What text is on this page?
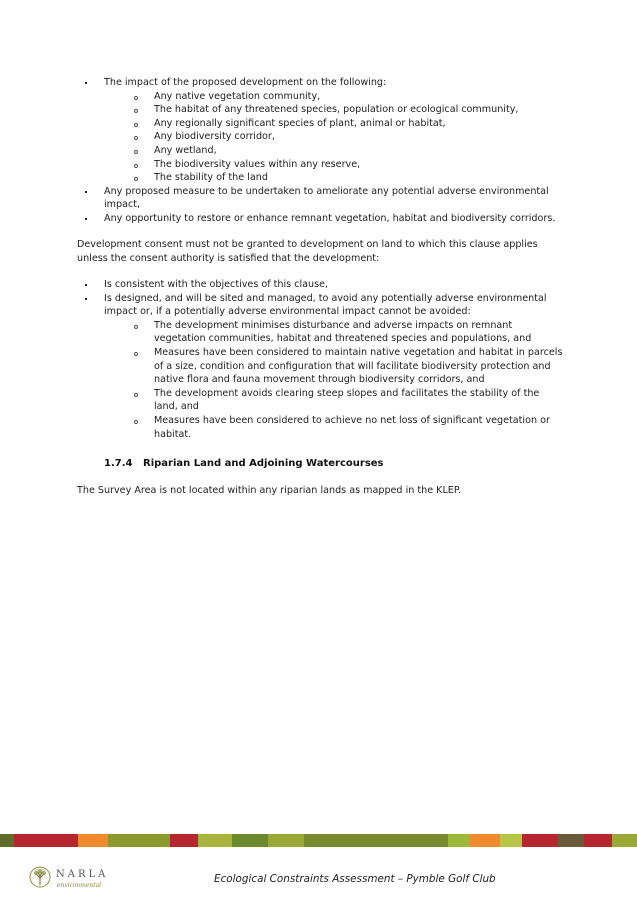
The impact of the proposed development on the following:
Any native vegetation community,
The habitat of any threatened species, population or ecological community,
Any regionally significant species of plant, animal or habitat,
Any biodiversity corridor,
Any wetland,
The biodiversity values within any reserve,
The stability of the land
Any proposed measure to be undertaken to ameliorate any potential adverse environmental impact,
Any opportunity to restore or enhance remnant vegetation, habitat and biodiversity corridors.

Development consent must not be granted to development on land to which this clause applies unless the consent authority is satisfied that the development:

Is consistent with the objectives of this clause,
Is designed, and will be sited and managed, to avoid any potentially adverse environmental impact or, if a potentially adverse environmental impact cannot be avoided:
The development minimises disturbance and adverse impacts on remnant vegetation communities, habitat and threatened species and populations, and
Measures have been considered to maintain native vegetation and habitat in parcels of a size, condition and configuration that will facilitate biodiversity protection and native flora and fauna movement through biodiversity corridors, and
The development avoids clearing steep slopes and facilitates the stability of the land, and
Measures have been considered to achieve no net loss of significant vegetation or habitat.
1.7.4 Riparian Land and Adjoining Watercourses

The Survey Area is not located within any riparian lands as mapped in the KLEP.

NARLA
environmental
Ecological Constraints Assessment – Pymble Golf Club
